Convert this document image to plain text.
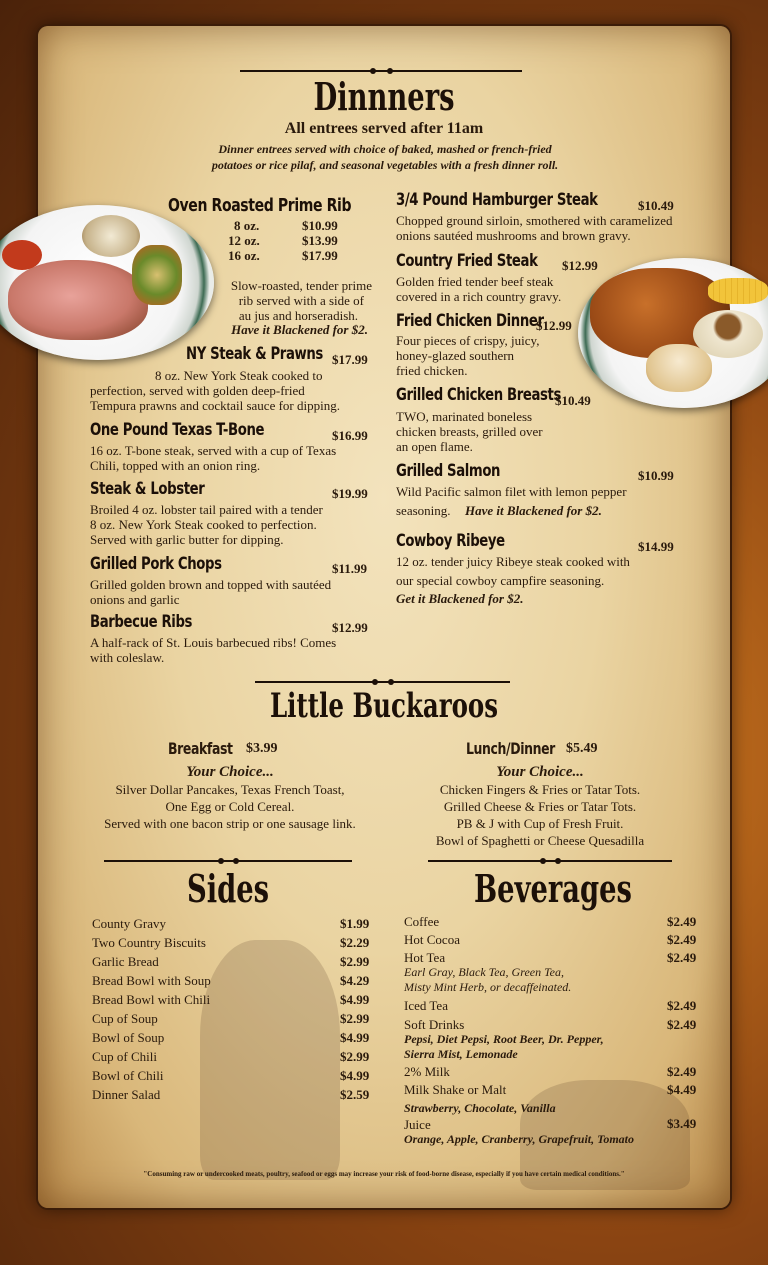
Dinnners
All entrees served after 11am
Dinner entrees served with choice of baked, mashed or french-fried
potatoes or rice pilaf, and seasonal vegetables with a fresh dinner roll.
Oven Roasted Prime Rib
8 oz.	$10.99
12 oz.	$13.99
16 oz.	$17.99
Slow-roasted, tender prime
rib served with a side of
au jus and horseradish.
Have it Blackened for $2.
NY Steak & Prawns $17.99
8 oz. New York Steak cooked to
perfection, served with golden deep-fried
Tempura prawns and cocktail sauce for dipping.
One Pound Texas T-Bone	$16.99
16 oz. T-bone steak, served with a cup of Texas
Chili, topped with an onion ring.
Steak & Lobster	$19.99
Broiled 4 oz. lobster tail paired with a tender
8 oz. New York Steak cooked to perfection.
Served with garlic butter for dipping.
Grilled Pork Chops	$11.99
Grilled golden brown and topped with sautéed
onions and garlic
Barbecue Ribs	$12.99
A half-rack of St. Louis barbecued ribs! Comes
with coleslaw.
3/4 Pound Hamburger Steak	$10.49
Chopped ground sirloin, smothered with caramelized
onions sautéed mushrooms and brown gravy.
Country Fried Steak $12.99
Golden fried tender beef steak
covered in a rich country gravy.
Fried Chicken Dinner
$12.99
Four pieces of crispy, juicy,
honey-glazed southern
fried chicken.
Grilled Chicken Breasts
$10.49
TWO, marinated boneless
chicken breasts, grilled over
an open flame.
Grilled Salmon	$10.99
Wild Pacific salmon filet with lemon pepper
seasoning. Have it Blackened for $2.
Cowboy Ribeye	$14.99
12 oz. tender juicy Ribeye steak cooked with
our special cowboy campfire seasoning.
Get it Blackened for $2.
Little Buckaroos
Breakfast $3.99
Your Choice...
Silver Dollar Pancakes, Texas French Toast,
One Egg or Cold Cereal.
Served with one bacon strip or one sausage link.
Lunch/Dinner $5.49
Your Choice...
Chicken Fingers & Fries or Tatar Tots.
Grilled Cheese & Fries or Tatar Tots.
PB & J with Cup of Fresh Fruit.
Bowl of Spaghetti or Cheese Quesadilla
Sides
County Gravy	$1.99
Two Country Biscuits	$2.29
Garlic Bread	$2.99
Bread Bowl with Soup	$4.29
Bread Bowl with Chili	$4.99
Cup of Soup	$2.99
Bowl of Soup	$4.99
Cup of Chili	$2.99
Bowl of Chili	$4.99
Dinner Salad	$2.59
Beverages
Coffee	$2.49
Hot Cocoa	$2.49
Hot Tea	$2.49
Earl Gray, Black Tea, Green Tea,
Misty Mint Herb, or decaffeinated.
Iced Tea	$2.49
Soft Drinks	$2.49
Pepsi, Diet Pepsi, Root Beer, Dr. Pepper,
Sierra Mist, Lemonade
2% Milk	$2.49
Milk Shake or Malt	$4.49
Strawberry, Chocolate, Vanilla
Juice	$3.49
Orange, Apple, Cranberry, Grapefruit, Tomato
"Consuming raw or undercooked meats, poultry, seafood or eggs may increase your risk of food-borne disease, especially if you have certain medical conditions."
